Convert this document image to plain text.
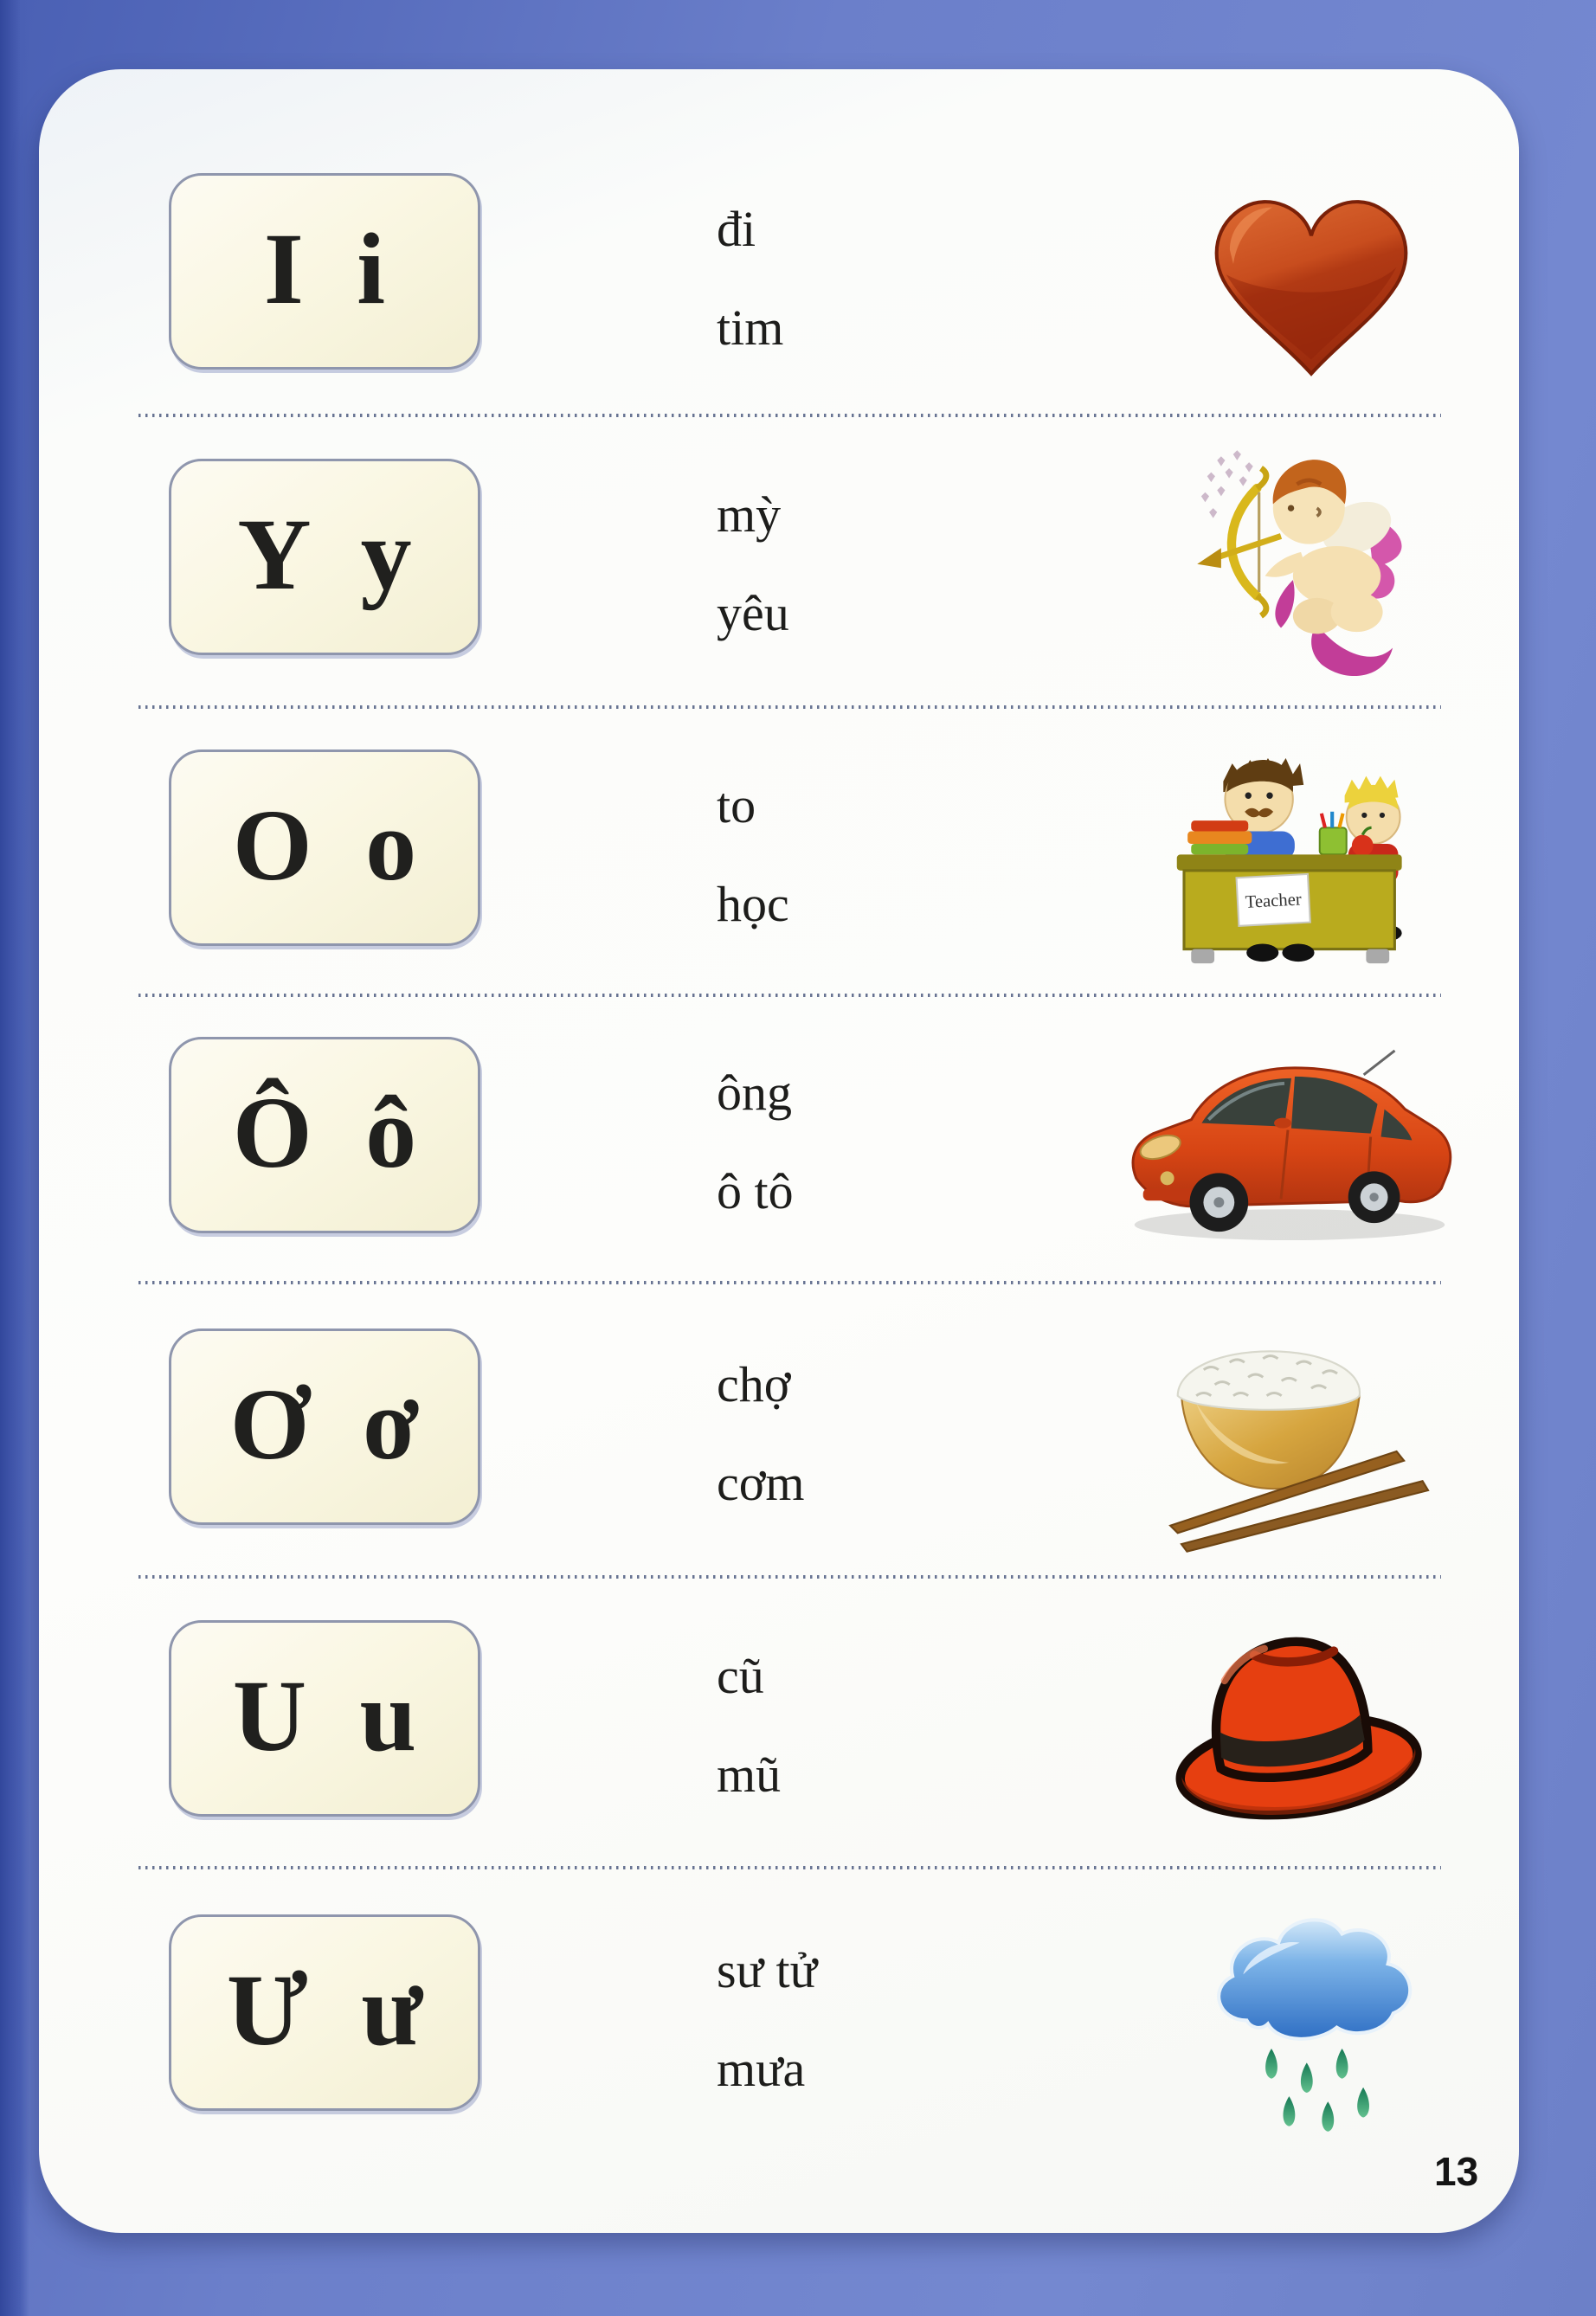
I i	đi
tim
Y y	mỳ
yêu
O o	to
học	Teacher
Ô ô	ông
ô tô
Ơ ơ	chợ
cơm
U u	cũ
mũ
Ư ư	sư tử
mưa
13
